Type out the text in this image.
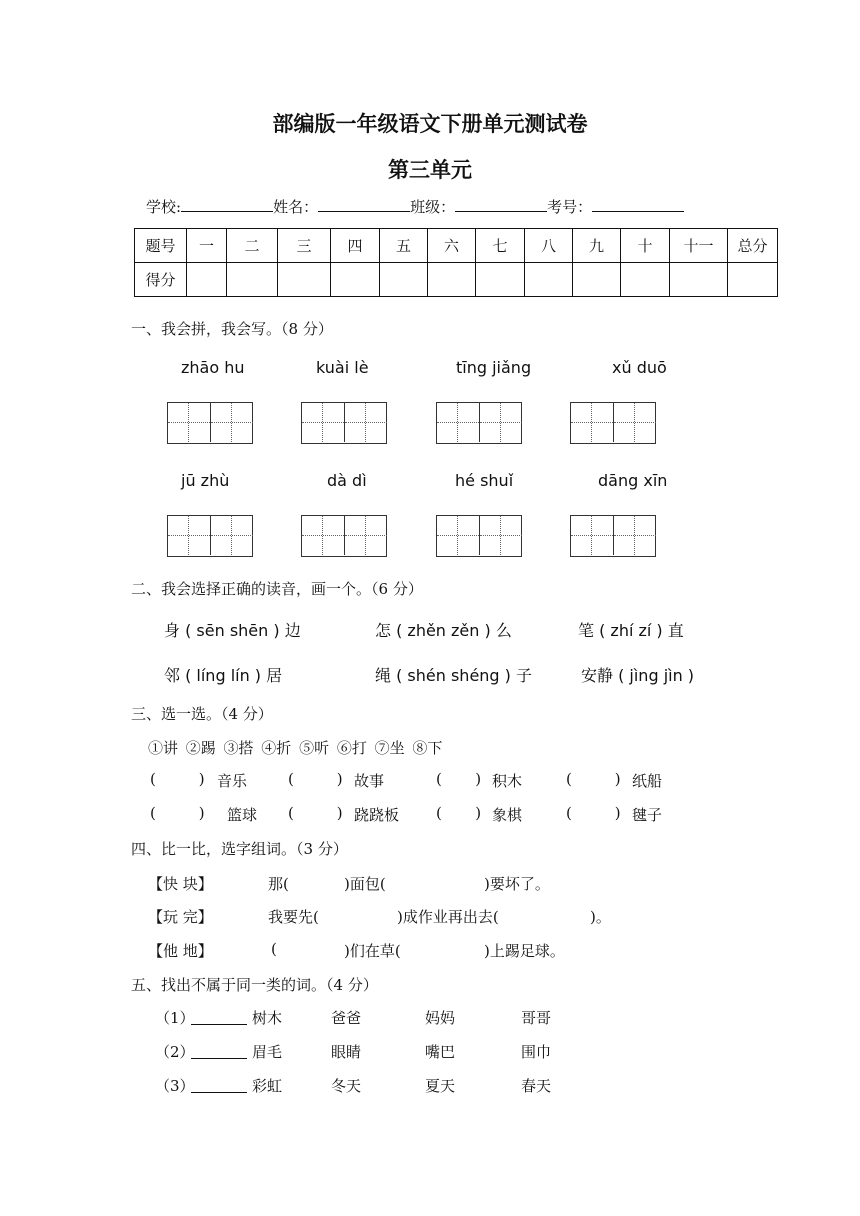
部编版一年级语文下册单元测试卷
第三单元
学校:	姓名：	班级：	考号：
题号	一	二	三	四	五	六	七	八	九	十	十一	总分
得分												
一、我会拼，我会写。（8 分）
zhāo hu	kuài lè	tīng jiǎng	xǔ duō
jū zhù	dà dì	hé shuǐ	dāng xīn
二、我会选择正确的读音，画一个。（6 分）
身 ( sēn shēn ) 边	怎 ( zhěn zěn ) 么	笔 ( zhí zí ) 直
邻 ( líng lín ) 居	绳 ( shén shéng ) 子	安静 ( jìng jìn )
三、选一选。（4 分）
①讲 ②踢 ③搭 ④折 ⑤听 ⑥打 ⑦坐 ⑧下
(         ) 音乐	(         ) 故事	(       ) 积木	(         ) 纸船
(         ) 篮球 (         ) 跷跷板 (       ) 象棋	(         ) 毽子
四、比一比，选字组词。（3 分）
【快 块】	那(	)面包(	)要坏了。
【玩 完】	我要先(	)成作业再出去(	)。
【他 地】	(	)们在草(	)上踢足球。
五、找出不属于同一类的词。（4 分）
（1）	树木	爸爸	妈妈	哥哥
（2）	眉毛	眼睛	嘴巴	围巾
（3）	彩虹	冬天	夏天	春天
